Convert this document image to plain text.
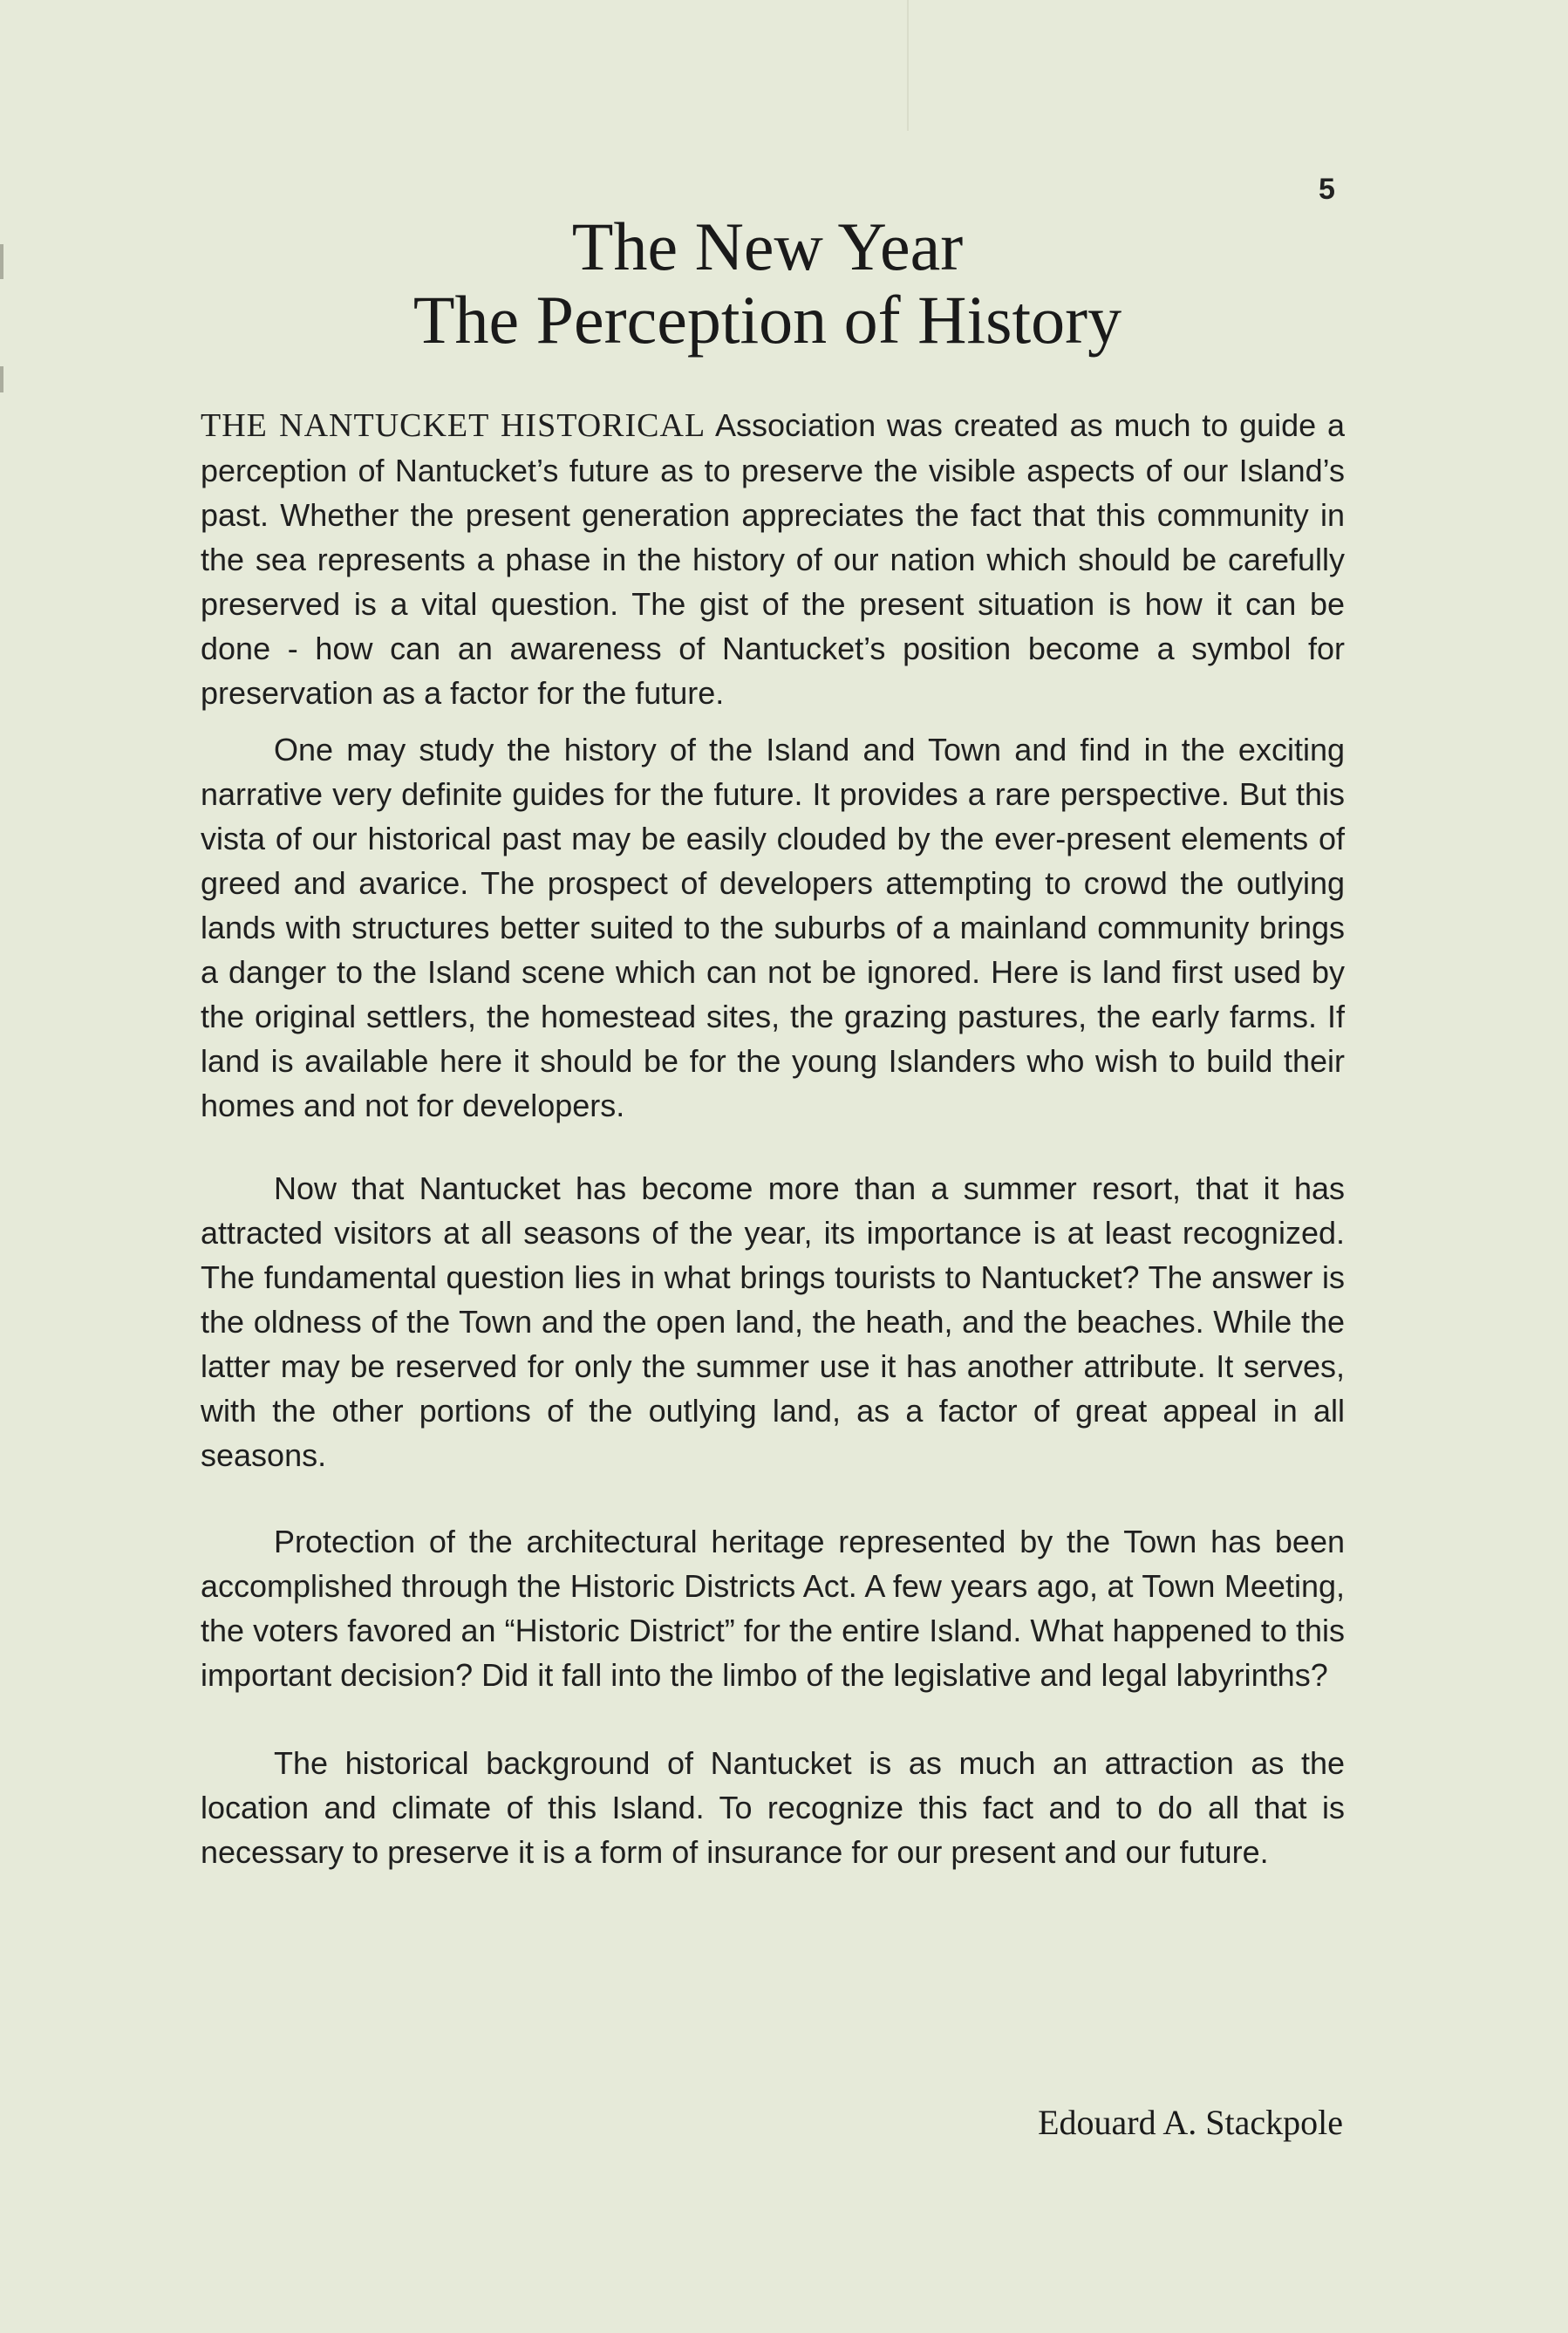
5
The New Year
The Perception of History

THE NANTUCKET HISTORICAL Association was created as much to guide a perception of Nantucket’s future as to preserve the visible aspects of our Island’s past. Whether the present generation appreciates the fact that this community in the sea represents a phase in the history of our nation which should be carefully preserved is a vital question. The gist of the present situation is how it can be done - how can an awareness of Nantucket’s position become a symbol for preservation as a factor for the future.

One may study the history of the Island and Town and find in the exciting narrative very definite guides for the future. It provides a rare perspective. But this vista of our historical past may be easily clouded by the ever-present elements of greed and avarice. The prospect of developers attempting to crowd the outlying lands with structures better suited to the suburbs of a mainland community brings a danger to the Island scene which can not be ignored. Here is land first used by the original settlers, the homestead sites, the grazing pastures, the early farms. If land is available here it should be for the young Islanders who wish to build their homes and not for developers.

Now that Nantucket has become more than a summer resort, that it has attracted visitors at all seasons of the year, its importance is at least recognized. The fundamental question lies in what brings tourists to Nantucket? The answer is the oldness of the Town and the open land, the heath, and the beaches. While the latter may be reserved for only the summer use it has another attribute. It serves, with the other portions of the outlying land, as a factor of great appeal in all seasons.

Protection of the architectural heritage represented by the Town has been accomplished through the Historic Districts Act. A few years ago, at Town Meeting, the voters favored an “Historic District” for the entire Island. What happened to this important decision? Did it fall into the limbo of the legislative and legal labyrinths?

The historical background of Nantucket is as much an attraction as the location and climate of this Island. To recognize this fact and to do all that is necessary to preserve it is a form of insurance for our present and our future.

Edouard A. Stackpole
